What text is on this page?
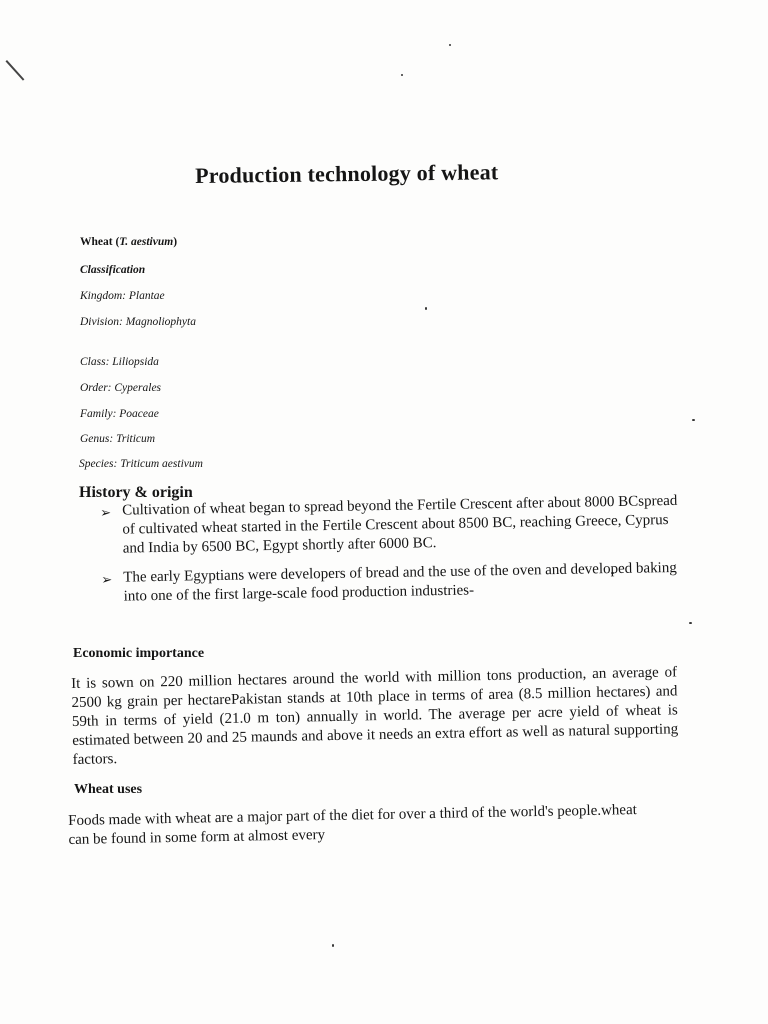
Production technology of wheat
Wheat (T. aestivum)
Classification
Kingdom: Plantae
Division: Magnoliophyta
Class: Liliopsida
Order: Cyperales
Family: Poaceae
Genus: Triticum
Species: Triticum aestivum
History & origin
➢ Cultivation of wheat began to spread beyond the Fertile Crescent after about 8000 BCspread of cultivated wheat started in the Fertile Crescent about 8500 BC, reaching Greece, Cyprus and India by 6500 BC, Egypt shortly after 6000 BC.
➢ The early Egyptians were developers of bread and the use of the oven and developed baking into one of the first large-scale food production industries-
Economic importance

It is sown on 220 million hectares around the world with million tons production, an average of 2500 kg grain per hectarePakistan stands at 10th place in terms of area (8.5 million hectares) and 59th in terms of yield (21.0 m ton) annually in world. The average per acre yield of wheat is estimated between 20 and 25 maunds and above it needs an extra effort as well as natural supporting factors.

Wheat uses

Foods made with wheat are a major part of the diet for over a third of the world's people.wheat can be found in some form at almost every
